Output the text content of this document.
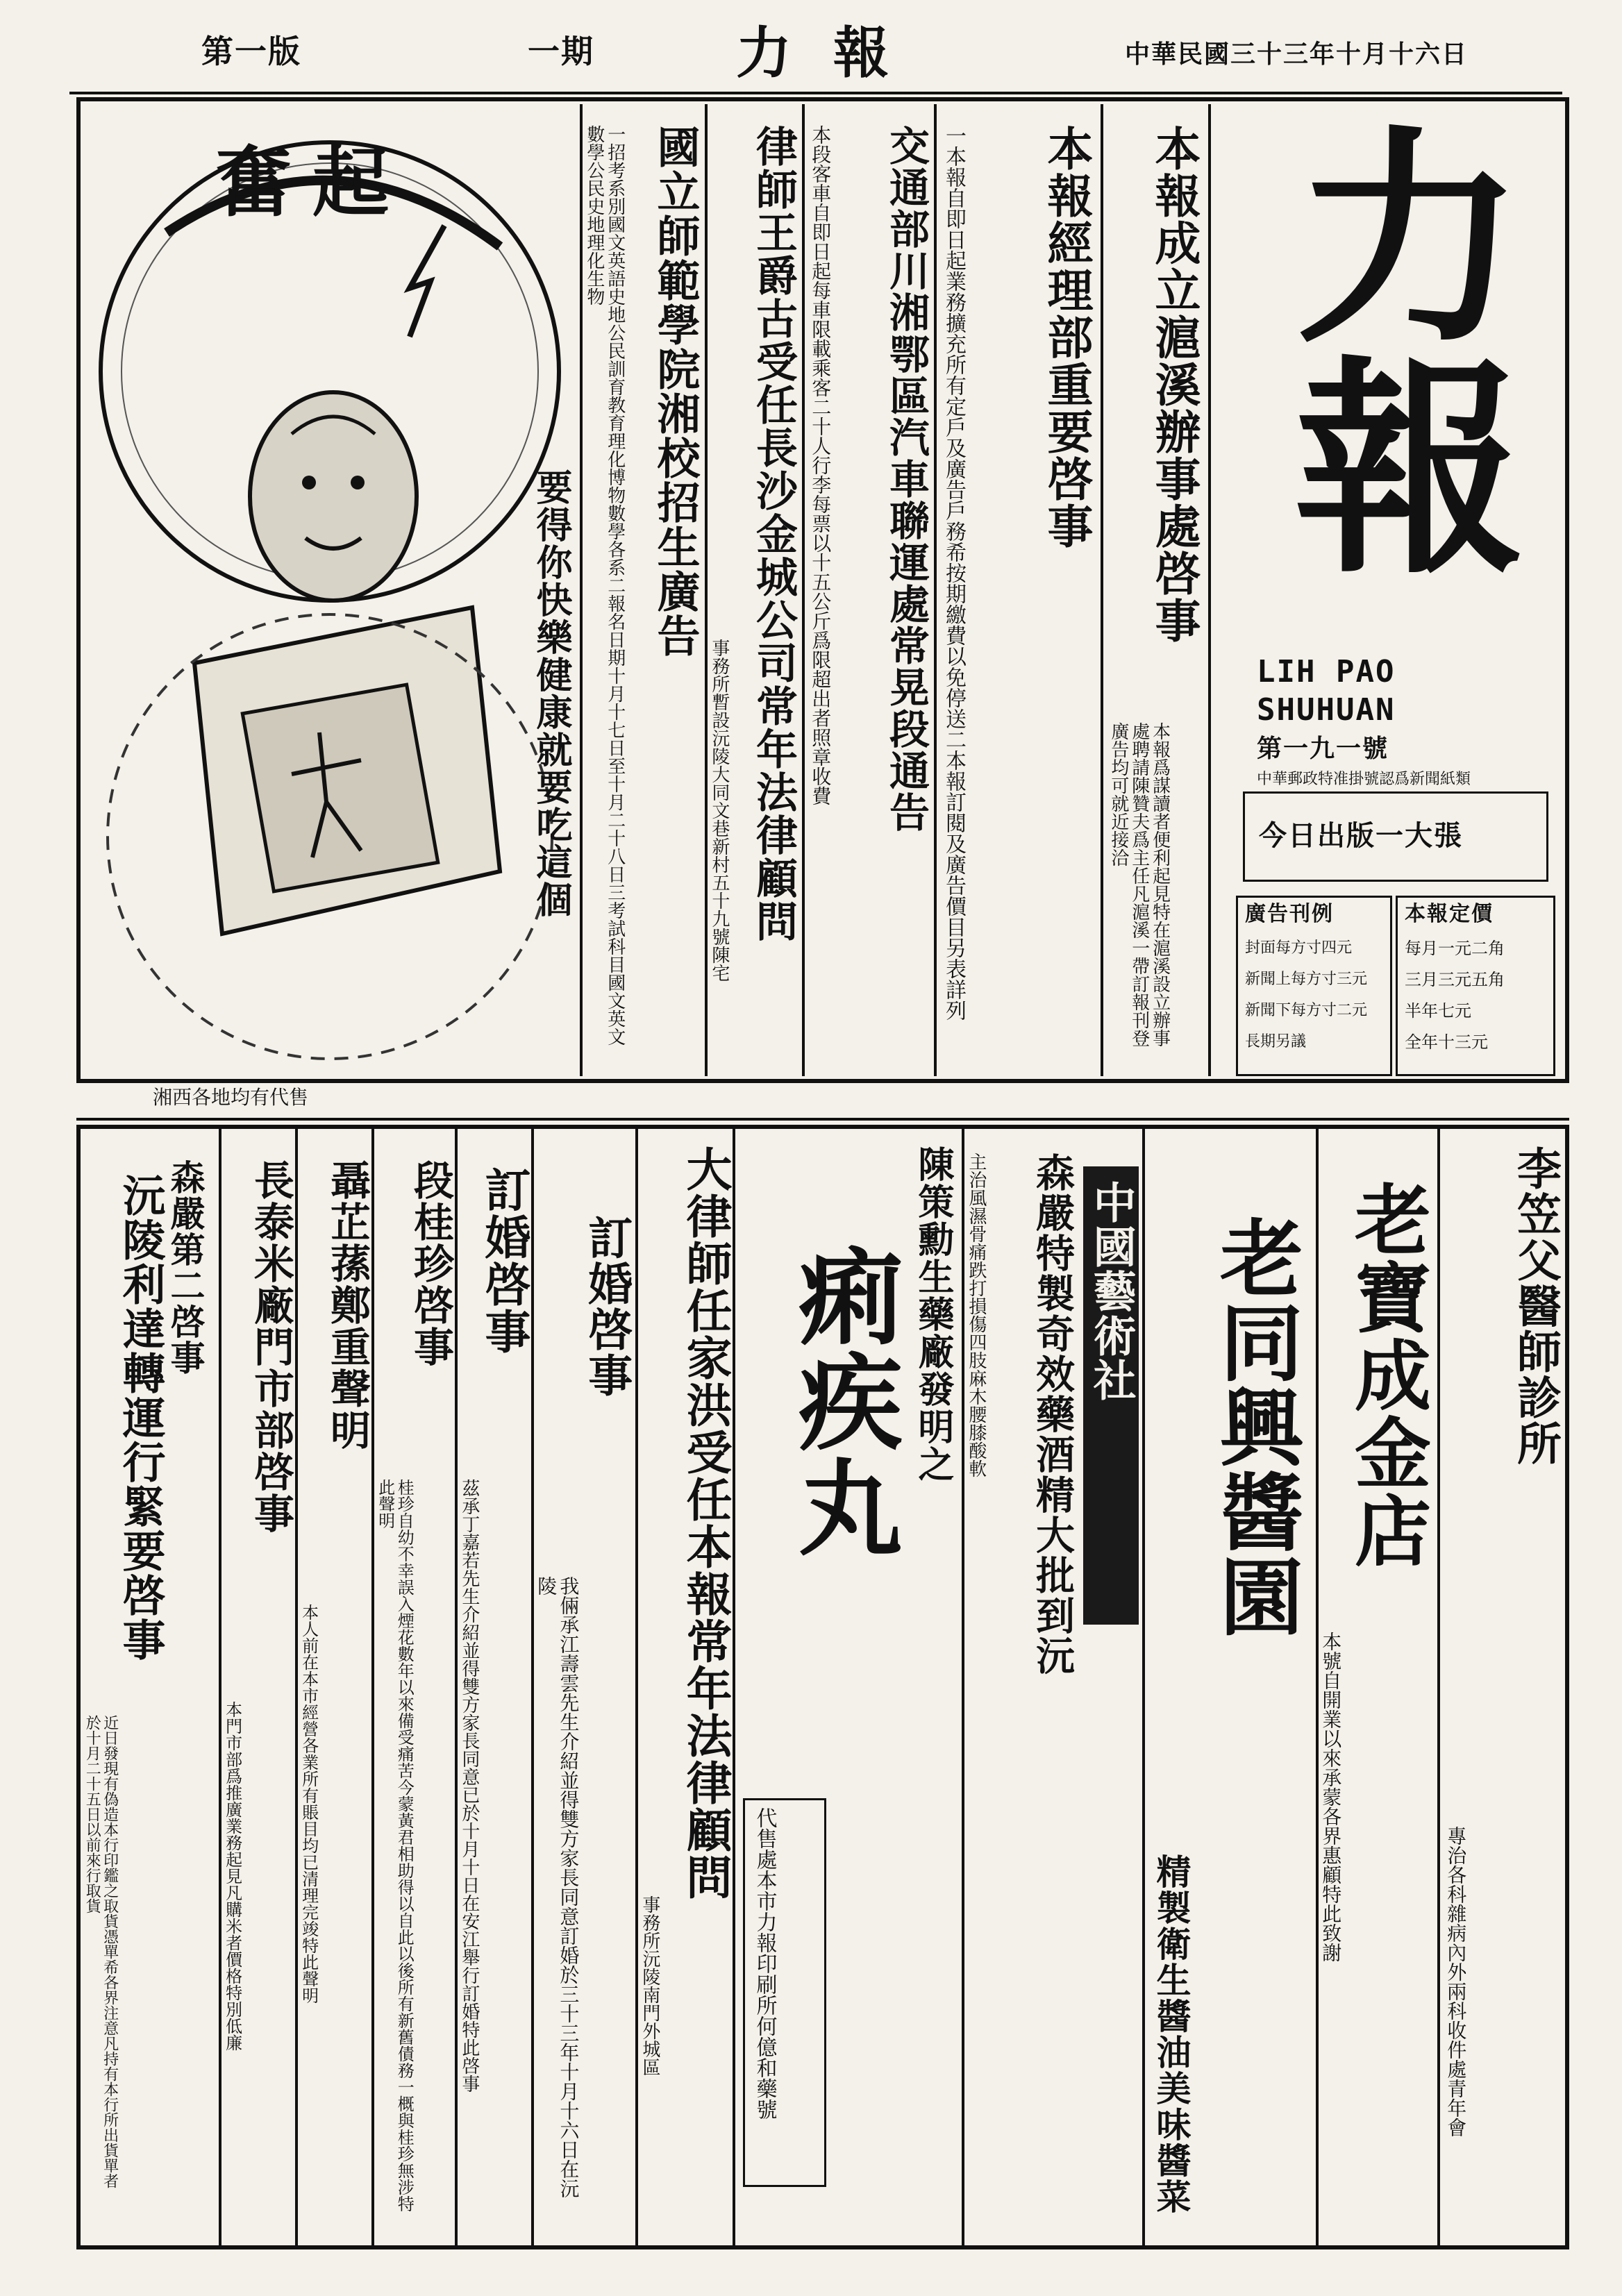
第一版	一期	力報	中華民國三十三年十月十六日
力報
LIH PAO
SHUHUAN
第一九一號
中華郵政特准掛號認爲新聞紙類
今日出版一大張
本報定價
每月一元二角
三月三元五角
半年七元
全年十三元
廣告刊例
封面每方寸四元
新聞上每方寸三元
新聞下每方寸二元
長期另議
本報成立滬溪辦事處啓事
本報爲謀讀者便利起見特在滬溪設立辦事處聘請陳贊夫爲主任凡滬溪一帶訂報刊登廣告均可就近接洽
本報經理部重要啓事
一本報自即日起業務擴充所有定戶及廣告戶務希按期繳費以免停送二本報訂閱及廣告價目另表詳列
交通部川湘鄂區汽車聯運處常晃段通告
本段客車自即日起每車限載乘客二十人行李每票以十五公斤爲限超出者照章收費
律師王爵古受任長沙金城公司常年法律顧問
事務所暫設沅陵大同文巷新村五十九號陳宅
國立師範學院湘校招生廣告
一招考系別國文英語史地公民訓育教育理化博物數學各系二報名日期十月十七日至十月二十八日三考試科目國文英文數學公民史地理化生物
奮起
要得你快樂健康就要吃這個
湘西各地均有代售
李笠父醫師診所
專治各科雜病內外兩科收件處青年會
老寶成金店
本號自開業以來承蒙各界惠顧特此致謝
老同興醬園
精製衛生醬油美味醬菜
中國藝術社
森嚴特製奇效藥酒精大批到沅
主治風濕骨痛跌打損傷四肢麻木腰膝酸軟
陳策勳生藥廠發明之
痢疾丸
代售處本市力報印刷所何億和藥號
大律師任家洪受任本報常年法律顧問
事務所沅陵南門外城區
訂婚啓事
我倆承江壽雲先生介紹並得雙方家長同意訂婚於三十三年十月十六日在沅陵
訂婚啓事
茲承丁嘉若先生介紹並得雙方家長同意已於十月十日在安江舉行訂婚特此啓事
段桂珍啓事
桂珍自幼不幸誤入煙花數年以來備受痛苦今蒙黃君相助得以自此以後所有新舊債務一概與桂珍無涉特此聲明
聶芷蓀鄭重聲明
本人前在本市經營各業所有賬目均已清理完竣特此聲明
長泰米廠門市部啓事
本門市部爲推廣業務起見凡購米者價格特別低廉
森嚴第二啓事
沅陵利達轉運行緊要啓事
近日發現有偽造本行印鑑之取貨憑單希各界注意凡持有本行所出貨單者於十月二十五日以前來行取貨
